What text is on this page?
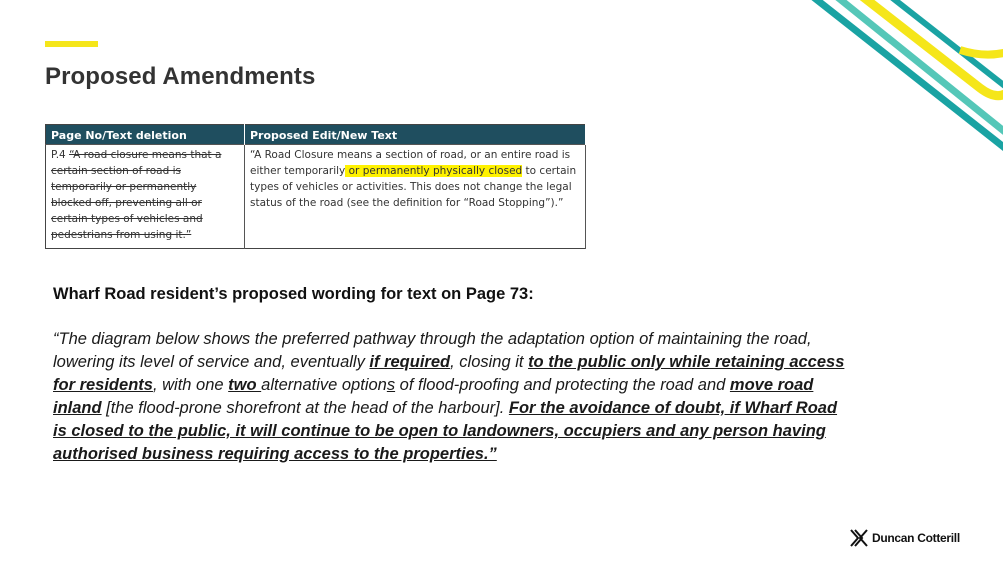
Proposed Amendments
Page No/Text deletion	Proposed Edit/New Text
P.4 “A road closure means that a certain section of road is temporarily or permanently blocked off, preventing all or certain types of vehicles and pedestrians from using it.”	“A Road Closure means a section of road, or an entire road is either temporarily or permanently physically closed to certain types of vehicles or activities. This does not change the legal status of the road (see the definition for “Road Stopping”).”
Wharf Road resident’s proposed wording for text on Page 73:
“The diagram below shows the preferred pathway through the adaptation option of maintaining the road, lowering its level of service and, eventually if required, closing it to the public only while retaining access for residents, with one two alternative options of flood-proofing and protecting the road and move road inland [the flood-prone shorefront at the head of the harbour]. For the avoidance of doubt, if Wharf Road is closed to the public, it will continue to be open to landowners, occupiers and any person having authorised business requiring access to the properties.”
Duncan Cotterill
